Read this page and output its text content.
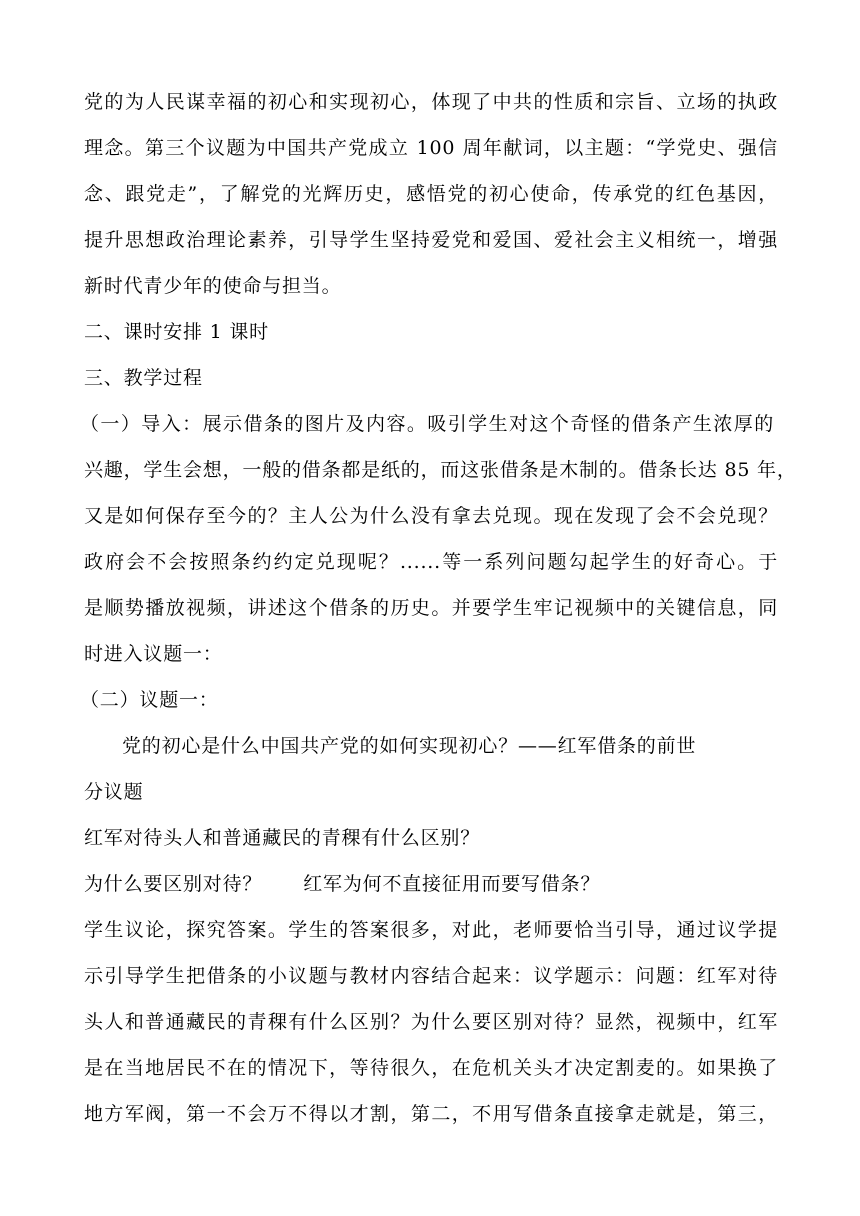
党的为人民谋幸福的初心和实现初心，体现了中共的性质和宗旨、立场的执政
理念。第三个议题为中国共产党成立 100 周年献词，以主题：“学党史、强信
念、跟党走”，了解党的光辉历史，感悟党的初心使命，传承党的红色基因，
提升思想政治理论素养，引导学生坚持爱党和爱国、爱社会主义相统一，增强
新时代青少年的使命与担当。
二、课时安排 1 课时
三、教学过程
（一）导入：展示借条的图片及内容。吸引学生对这个奇怪的借条产生浓厚的
兴趣，学生会想，一般的借条都是纸的，而这张借条是木制的。借条长达 85 年，
又是如何保存至今的？主人公为什么没有拿去兑现。现在发现了会不会兑现？
政府会不会按照条约约定兑现呢？......等一系列问题勾起学生的好奇心。于
是顺势播放视频，讲述这个借条的历史。并要学生牢记视频中的关键信息，同
时进入议题一：
（二）议题一：
党的初心是什么中国共产党的如何实现初心？——红军借条的前世
分议题
红军对待头人和普通藏民的青稞有什么区别？
为什么要区别对待？      红军为何不直接征用而要写借条？
学生议论，探究答案。学生的答案很多，对此，老师要恰当引导，通过议学提
示引导学生把借条的小议题与教材内容结合起来：议学题示：问题：红军对待
头人和普通藏民的青稞有什么区别？为什么要区别对待？显然，视频中，红军
是在当地居民不在的情况下，等待很久，在危机关头才决定割麦的。如果换了
地方军阀，第一不会万不得以才割，第二，不用写借条直接拿走就是，第三，
